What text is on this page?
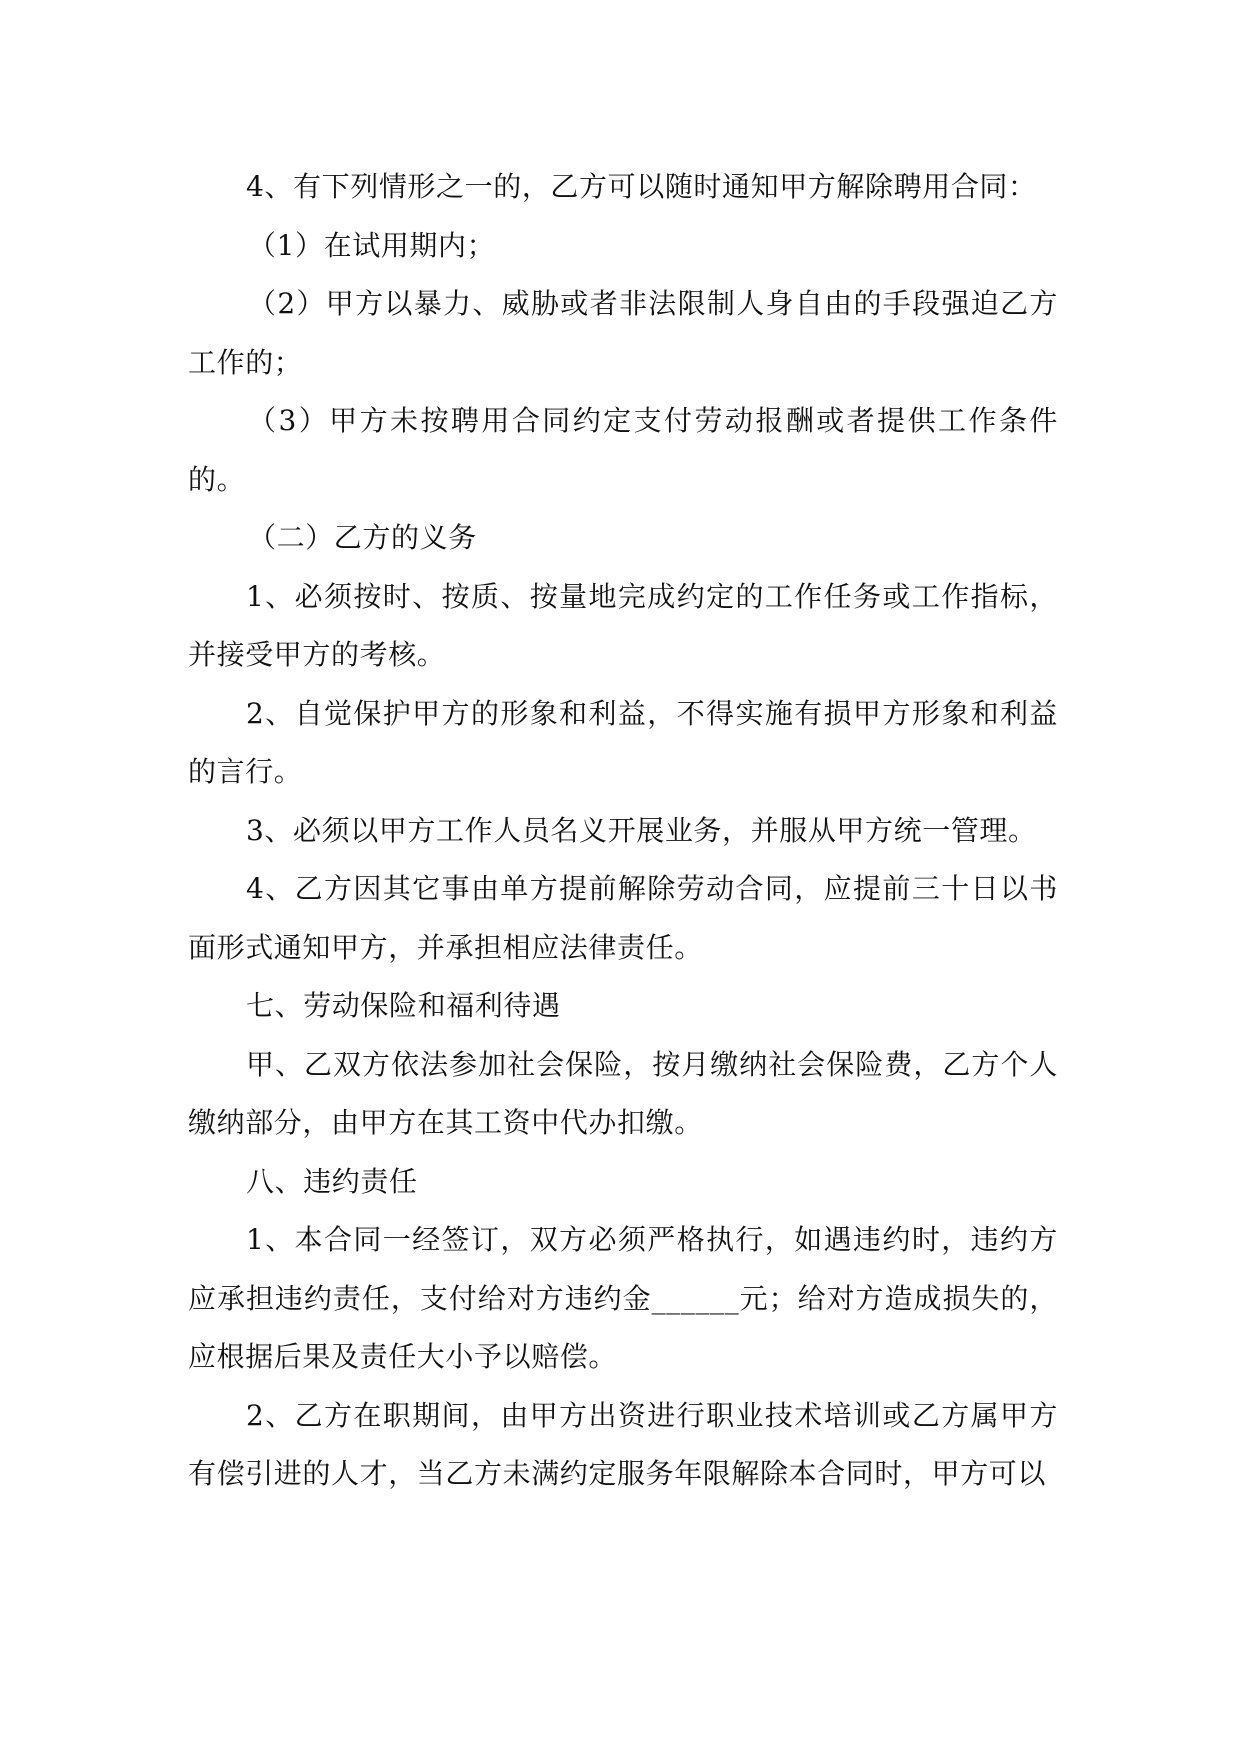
4、有下列情形之一的，乙方可以随时通知甲方解除聘用合同：

（1）在试用期内；

（2）甲方以暴力、威胁或者非法限制人身自由的手段强迫乙方工作的；

（3）甲方未按聘用合同约定支付劳动报酬或者提供工作条件的。

（二）乙方的义务

1、必须按时、按质、按量地完成约定的工作任务或工作指标，并接受甲方的考核。

2、自觉保护甲方的形象和利益，不得实施有损甲方形象和利益的言行。

3、必须以甲方工作人员名义开展业务，并服从甲方统一管理。

4、乙方因其它事由单方提前解除劳动合同，应提前三十日以书面形式通知甲方，并承担相应法律责任。

七、劳动保险和福利待遇

甲、乙双方依法参加社会保险，按月缴纳社会保险费，乙方个人缴纳部分，由甲方在其工资中代办扣缴。

八、违约责任

1、本合同一经签订，双方必须严格执行，如遇违约时，违约方应承担违约责任，支付给对方违约金______元；给对方造成损失的，应根据后果及责任大小予以赔偿。

2、乙方在职期间，由甲方出资进行职业技术培训或乙方属甲方有偿引进的人才，当乙方未满约定服务年限解除本合同时，甲方可以
